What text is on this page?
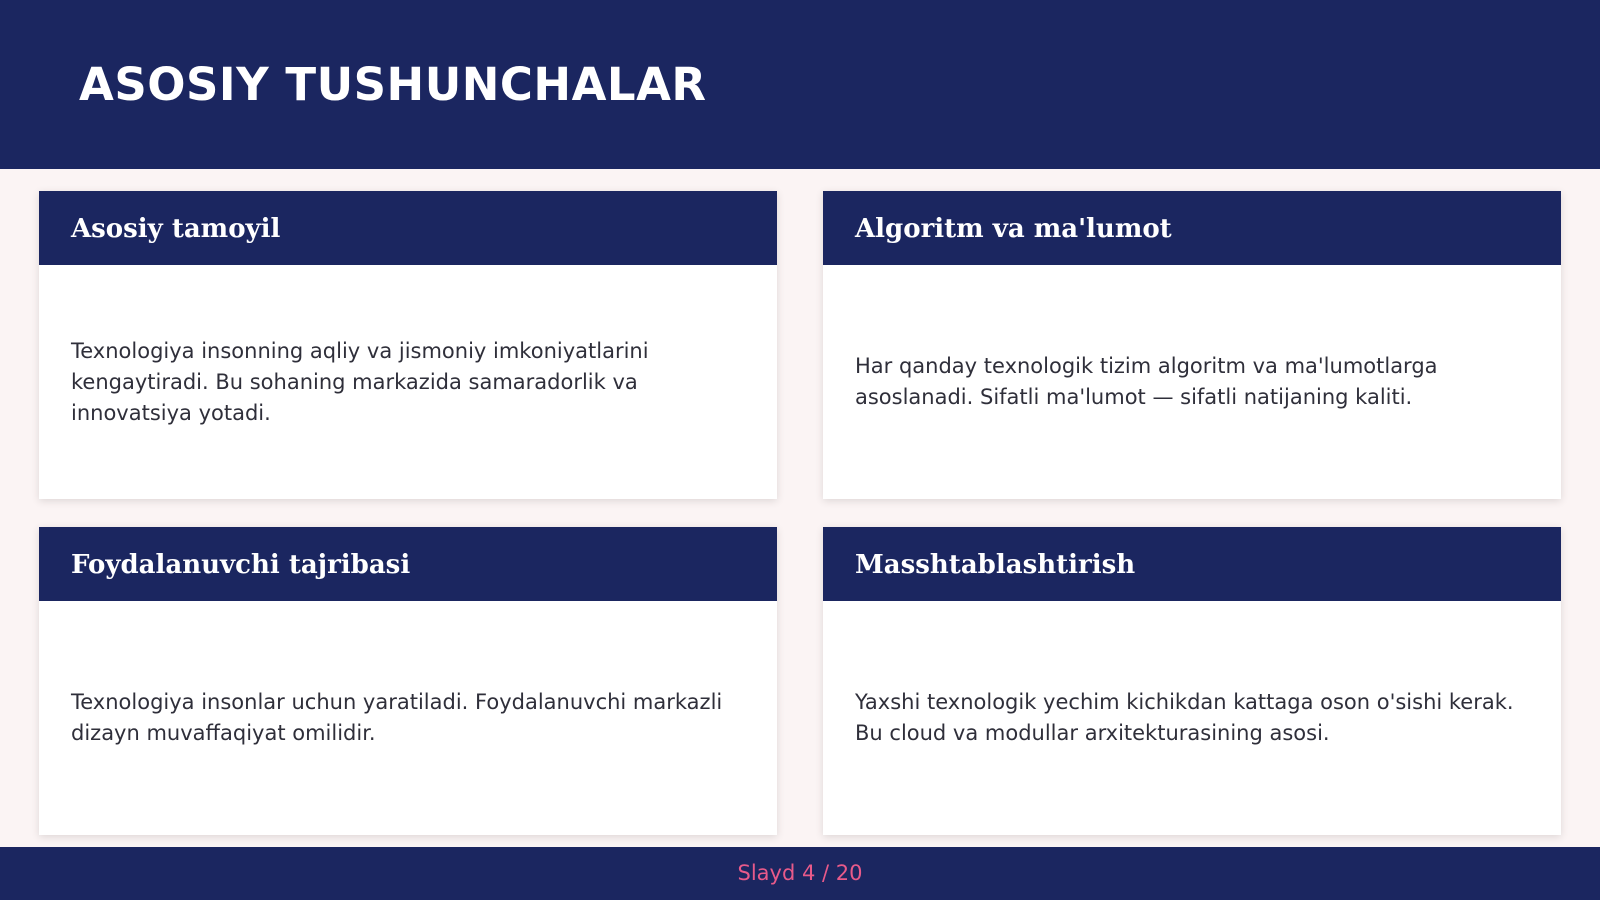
ASOSIY TUSHUNCHALAR
Asosiy tamoyil

Texnologiya insonning aqliy va jismoniy imkoniyatlarini kengaytiradi. Bu sohaning markazida samaradorlik va innovatsiya yotadi.

Algoritm va ma'lumot

Har qanday texnologik tizim algoritm va ma'lumotlarga asoslanadi. Sifatli ma'lumot — sifatli natijaning kaliti.

Foydalanuvchi tajribasi

Texnologiya insonlar uchun yaratiladi. Foydalanuvchi markazli dizayn muvaffaqiyat omilidir.

Masshtablashtirish

Yaxshi texnologik yechim kichikdan kattaga oson o'sishi kerak. Bu cloud va modullar arxitekturasining asosi.

Slayd 4 / 20
